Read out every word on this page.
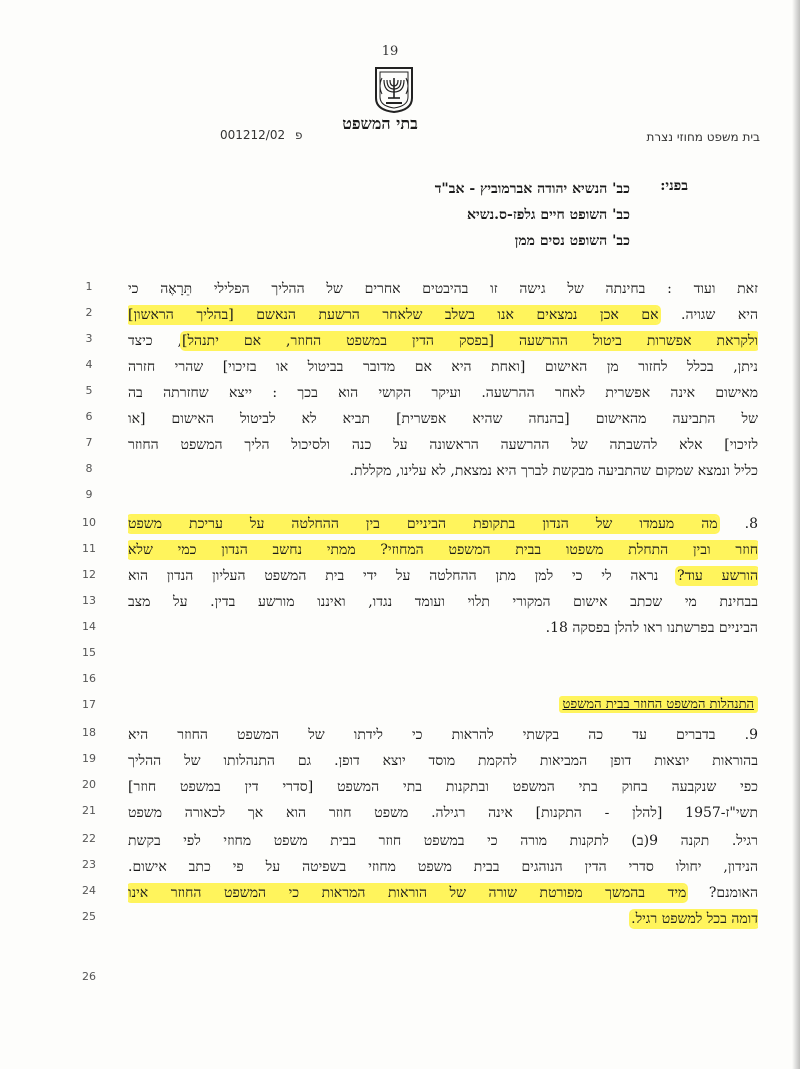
19
בתי המשפט
001212/02 פ	בית משפט מחוזי נצרת
בפני:
כב' הנשיא יהודה אברמוביץ - אב"ד
כב' השופט חיים גלפז-ס.נשיא
כב' השופט נסים ממן
1
2
3
4
5
6
7
8
9
10
11
12
13
14
15
16
17
18
19
20
21
22
23
24
25
26
זאת ועוד : בחינתה של גישה זו בהיבטים אחרים של ההליך הפלילי תֵּרָאֶה כי
היא שגויה. אם אכן נמצאים אנו בשלב שלאחר הרשעת הנאשם [בהליך הראשון]
ולקראת אפשרות ביטול ההרשעה [בפסק הדין במשפט החוזר, אם יתנהל], כיצד
ניתן, בכלל לחזור מן האישום [ואחת היא אם מדובר בביטול או בזיכוי] שהרי חזרה
מאישום אינה אפשרית לאחר ההרשעה. ועיקר הקושי הוא בכך : ייצא שחזרתה בה
של התביעה מהאישום [בהנחה שהיא אפשרית] תביא לא לביטול האישום [או
לזיכוי] אלא להשבתה של ההרשעה הראשונה על כנה ולסיכול הליך המשפט החוזר
כליל ונמצא שמקום שהתביעה מבקשת לברך היא נמצאת, לא עלינו, מקללת.
8. מה מעמדו של הנדון בתקופת הביניים בין ההחלטה על עריכת משפט
חוזר ובין התחלת משפטו בבית המשפט המחוזי? ממתי נחשב הנדון כמי שלא
הורשע עוד? נראה לי כי למן מתן ההחלטה על ידי בית המשפט העליון הנדון הוא
בבחינת מי שכתב אישום המקורי תלוי ועומד נגדו, ואיננו מורשע בדין. על מצב
הביניים בפרשתנו ראו להלן בפסקה 18.
התנהלות המשפט החוזר בבית המשפט
9. בדברים עד כה בקשתי להראות כי לידתו של המשפט החוזר היא
בהוראות יוצאות דופן המביאות להקמת מוסד יוצא דופן. גם התנהלותו של ההליך
כפי שנקבעה בחוק בתי המשפט ובתקנות בתי המשפט [סדרי דין במשפט חוזר]
תשי"ז-1957 [להלן - התקנות] אינה רגילה. משפט חוזר הוא אך לכאורה משפט
רגיל. תקנה 9(ב) לתקנות מורה כי במשפט חוזר בבית משפט מחוזי לפי בקשת
הנידון, יחולו סדרי הדין הנוהגים בבית משפט מחוזי בשפיטה על פי כתב אישום.
האומנם? מיד בהמשך מפורטת שורה של הוראות המראות כי המשפט החוזר אינו
דומה בכל למשפט רגיל.
